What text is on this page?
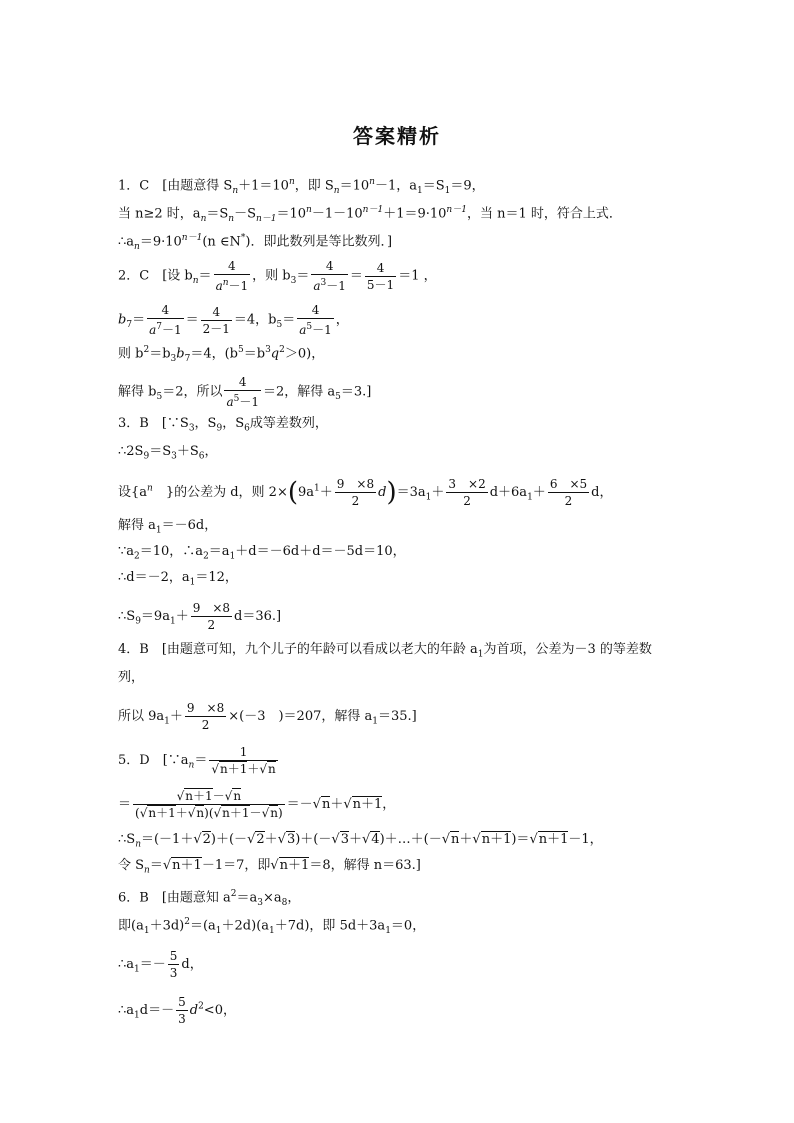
答案精析
1．C　[由题意得 $S_n+1=10^n$，即 $S_n=10^n-1$，$a_1=S_1=9$，
当 n≥2 时，$a_n=S_n-S_{n-1}=10^n-1-10^{n-1}+1=9\cdot 10^{n-1}$，当 n＝1 时，符合上式．
$\therefore a_n=9\cdot 10^{n-1}(n$ ∈N*)．即此数列是等比数列．]
2．C　[设 $b_n= \frac{4}{a^n-1}$ ，则 $b_3= \frac{4}{a^3-1} = \frac{4}{5-1} =1$ ，
$b_7= \frac{4}{a^7-1} = \frac{4}{2-1} =4$，$b_5= \frac{4}{a^5-1}$ ，
则 $b^2=b_3b_7=4$，$(b^5=b^3q^2>0)$，
解得 $b_5=2$，所以 $\frac{4}{a^5-1} =2$，解得 $a_5=3$.]
3．B　[$\because S_3$，$S_9$，$S_6$成等差数列，
$\therefore 2S_9=S_3+S_6$，
设{$a^n$　}的公差为 d，则 $2\times(9a^1+ \frac{9 \times 8}{2} d)=3a_1+ \frac{3 \times 2}{2} d+6a_1+ \frac{6 \times 5}{2}$ d，
解得 $a_1=-6d$，
$\because a_2=10$，$\therefore a_2=a_1+d=-6d+d=-5d=10$，
∴d＝－2，$a_1=12$，
$\therefore S_9=9a_1+ \frac{9 \times 8}{2} d=36$.]
4．B　[由题意可知，九个儿子的年龄可以看成以老大的年龄 $a_1$为首项，公差为－3 的等差数
列，
所以 $9a_1+ \frac{9 \times 8}{2} \times(-3$　)＝207，解得 $a_1=35$.]
5．D　[$\because a_n= \frac{1}{√n+1+√n}$
＝ $\frac{√n+1-√n}{(√n+1+√n)(√n+1-√n)} =-√n+√n+1$，
$\therefore S_n=(-1+√2)+(-√2+√3)+(-√3+√4)+\dots+(-√n+√n+1)=√n+1-1$，
令 $S_n=√n+1-1=7$，即√n＋1＝8，解得 n＝63.]
6．B　[由题意知 $a^2=a_3\times a_8$，
即$(a_1+3d)^2=(a_1+2d)(a_1+7d)$，即 $5d+3a_1=0$，
$\therefore a_1=- \frac{5}{3}$ d，
$\therefore a_1d=- \frac{5}{3} d^2<0$，
